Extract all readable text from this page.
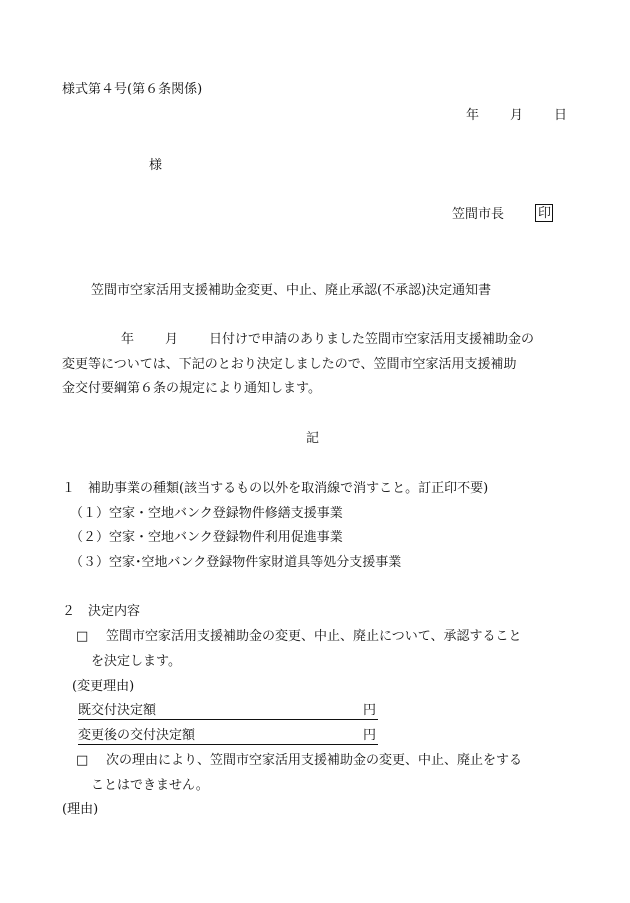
様式第４号(第６条関係)
年 月 日
様
笠間市長	印
笠間市空家活用支援補助金変更、中止、廃止承認(不承認)決定通知書
年 月 日付けで申請のありました笠間市空家活用支援補助金の
変更等については、下記のとおり決定しましたので、笠間市空家活用支援補助
金交付要綱第６条の規定により通知します。
記
１　補助事業の種類(該当するもの以外を取消線で消すこと。訂正印不要)
（１）空家・空地バンク登録物件修繕支援事業
（２）空家・空地バンク登録物件利用促進事業
（３）空家･空地バンク登録物件家財道具等処分支援事業
２　決定内容
□ 笠間市空家活用支援補助金の変更、中止、廃止について、承認すること
を決定します。
(変更理由)
既交付決定額	円
変更後の交付決定額	円
□ 次の理由により、笠間市空家活用支援補助金の変更、中止、廃止をする
ことはできません。
(理由)
